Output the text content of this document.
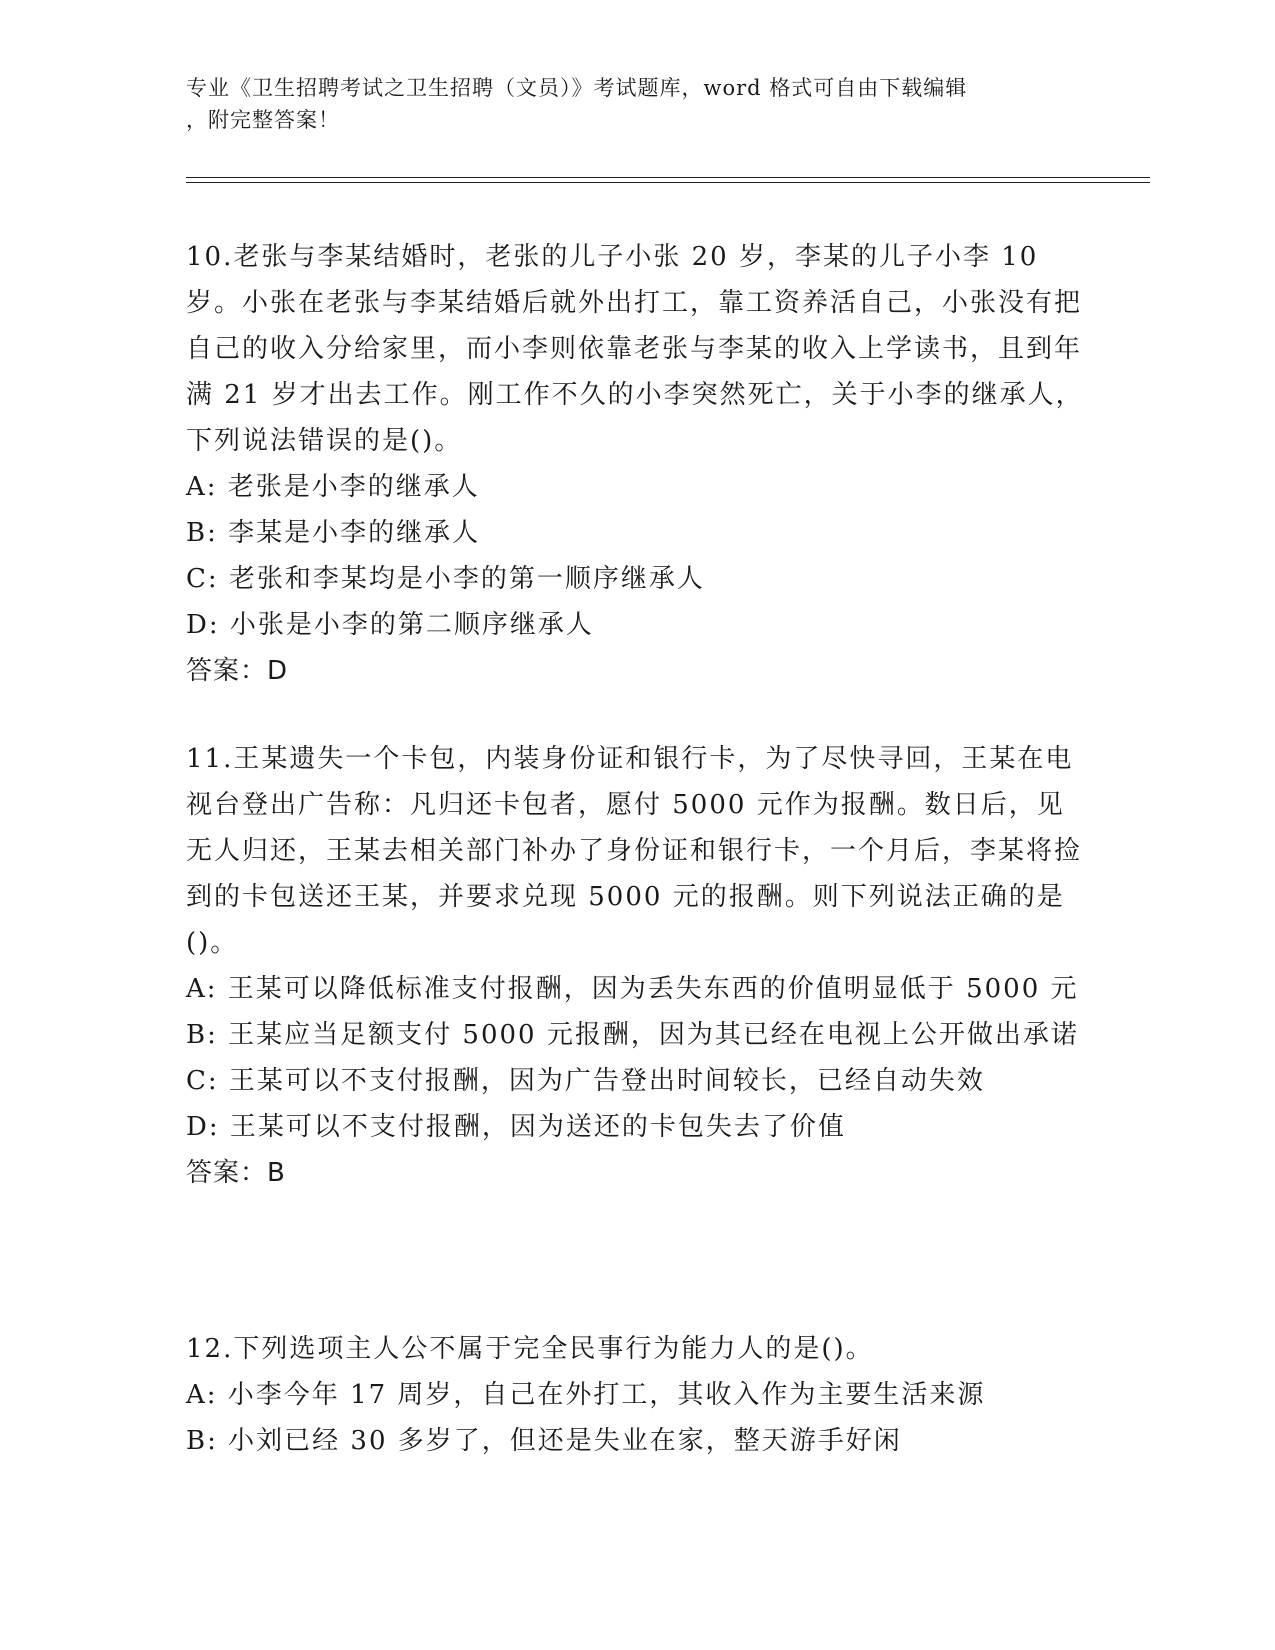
专业《卫生招聘考试之卫生招聘（文员）》考试题库，word 格式可自由下载编辑
，附完整答案！
10.老张与李某结婚时，老张的儿子小张 20 岁，李某的儿子小李 10 岁。小张在老张与李某结婚后就外出打工，靠工资养活自己，小张没有把自己的收入分给家里，而小李则依靠老张与李某的收入上学读书，且到年满 21 岁才出去工作。刚工作不久的小李突然死亡，关于小李的继承人，下列说法错误的是()。
A: 老张是小李的继承人
B: 李某是小李的继承人
C: 老张和李某均是小李的第一顺序继承人
D: 小张是小李的第二顺序继承人
答案：D
11.王某遗失一个卡包，内装身份证和银行卡，为了尽快寻回，王某在电视台登出广告称：凡归还卡包者，愿付 5000 元作为报酬。数日后，见无人归还，王某去相关部门补办了身份证和银行卡，一个月后，李某将捡到的卡包送还王某，并要求兑现 5000 元的报酬。则下列说法正确的是()。
A: 王某可以降低标准支付报酬，因为丢失东西的价值明显低于 5000 元
B: 王某应当足额支付 5000 元报酬，因为其已经在电视上公开做出承诺
C: 王某可以不支付报酬，因为广告登出时间较长，已经自动失效
D: 王某可以不支付报酬，因为送还的卡包失去了价值
答案：B
12.下列选项主人公不属于完全民事行为能力人的是()。
A: 小李今年 17 周岁，自己在外打工，其收入作为主要生活来源
B: 小刘已经 30 多岁了，但还是失业在家，整天游手好闲
